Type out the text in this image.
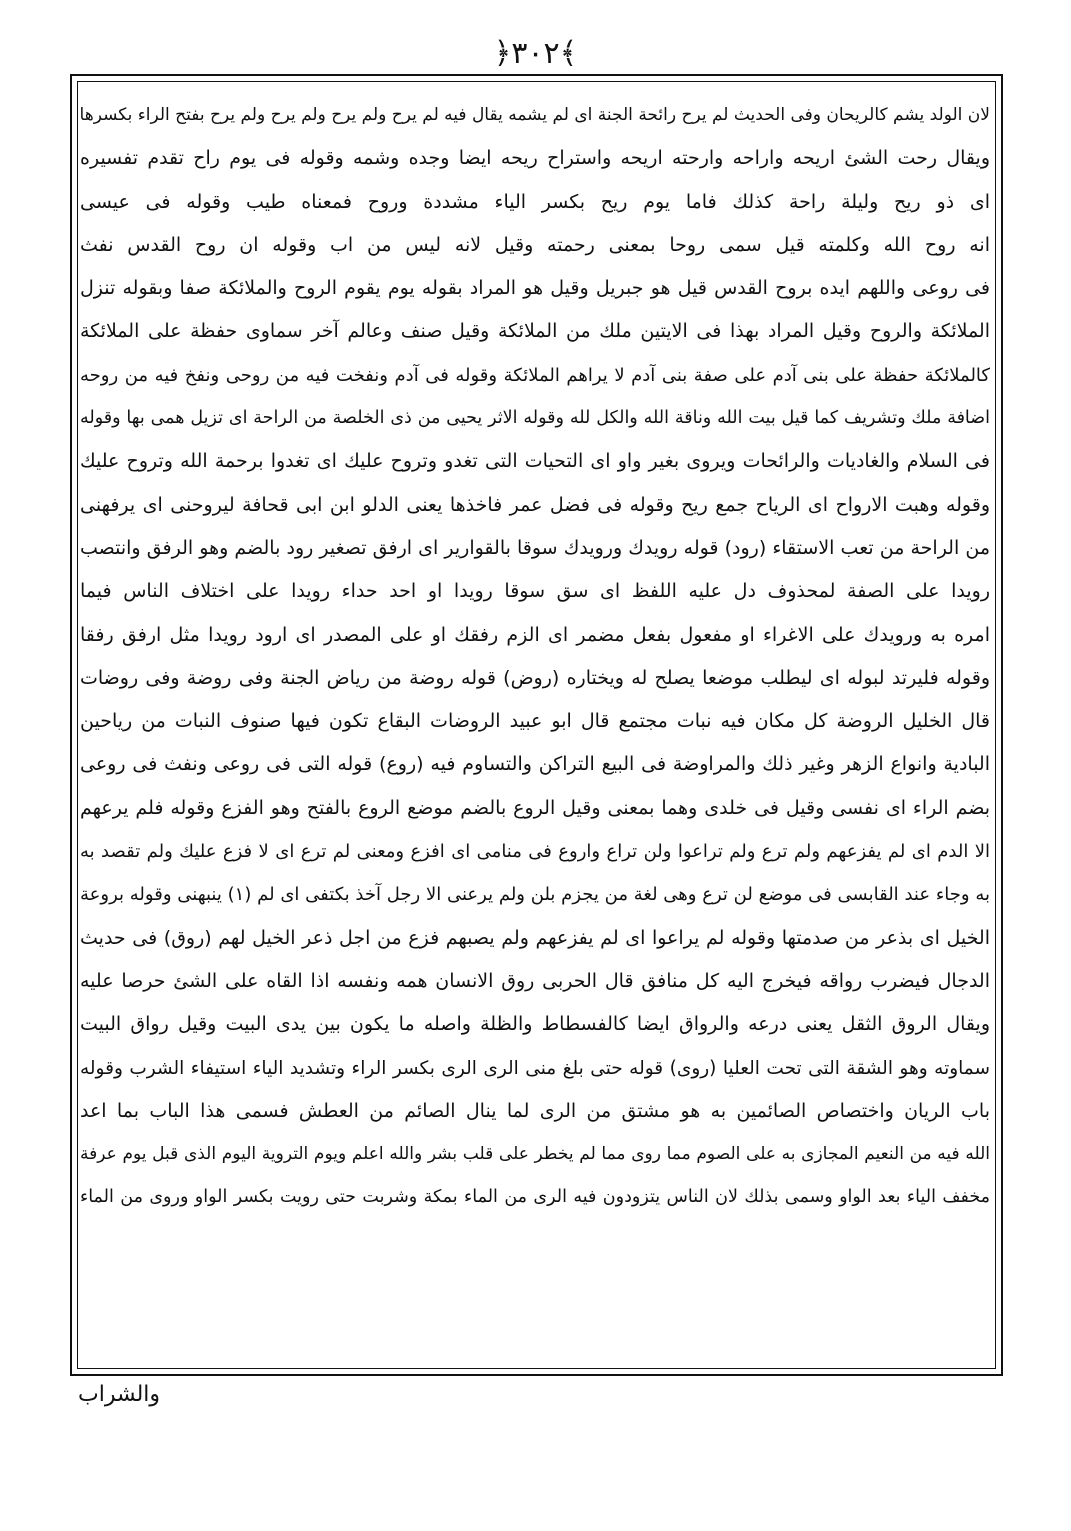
﴿٣٠٢﴾
لان الولد يشم كالريحان وفى الحديث لم يرح رائحة الجنة اى لم يشمه يقال فيه لم يرح ولم يرح ولم يرح ولم يرح بفتح الراء بكسرها
ويقال رحت الشئ اريحه واراحه وارحته اريحه واستراح ريحه ايضا وجده وشمه وقوله فى يوم راح تقدم تفسيره
اى ذو ريح وليلة راحة كذلك فاما يوم ريح بكسر الياء مشددة وروح فمعناه طيب وقوله فى عيسى
انه روح الله وكلمته قيل سمى روحا بمعنى رحمته وقيل لانه ليس من اب وقوله ان روح القدس نفث
فى روعى واللهم ايده بروح القدس قيل هو جبريل وقيل هو المراد بقوله يوم يقوم الروح والملائكة صفا وبقوله تنزل
الملائكة والروح وقيل المراد بهذا فى الايتين ملك من الملائكة وقيل صنف وعالم آخر سماوى حفظة على الملائكة
كالملائكة حفظة على بنى آدم على صفة بنى آدم لا يراهم الملائكة وقوله فى آدم ونفخت فيه من روحى ونفخ فيه من روحه
اضافة ملك وتشريف كما قيل بيت الله وناقة الله والكل لله وقوله الاثر يحيى من ذى الخلصة من الراحة اى تزيل همى بها وقوله
فى السلام والغاديات والرائحات ويروى بغير واو اى التحيات التى تغدو وتروح عليك اى تغدوا برحمة الله وتروح عليك
وقوله وهبت الارواح اى الرياح جمع ريح وقوله فى فضل عمر فاخذها يعنى الدلو ابن ابى قحافة ليروحنى اى يرفهنى
من الراحة من تعب الاستقاء (رود) قوله رويدك ورويدك سوقا بالقوارير اى ارفق تصغير رود بالضم وهو الرفق وانتصب
رويدا على الصفة لمحذوف دل عليه اللفظ اى سق سوقا رويدا او احد حداء رويدا على اختلاف الناس فيما
امره به ورويدك على الاغراء او مفعول بفعل مضمر اى الزم رفقك او على المصدر اى ارود رويدا مثل ارفق رفقا
وقوله فليرتد لبوله اى ليطلب موضعا يصلح له ويختاره (روض) قوله روضة من رياض الجنة وفى روضة وفى روضات
قال الخليل الروضة كل مكان فيه نبات مجتمع قال ابو عبيد الروضات البقاع تكون فيها صنوف النبات من رياحين
البادية وانواع الزهر وغير ذلك والمراوضة فى البيع التراكن والتساوم فيه (روع) قوله التى فى روعى ونفث فى روعى
بضم الراء اى نفسى وقيل فى خلدى وهما بمعنى وقيل الروع بالضم موضع الروع بالفتح وهو الفزع وقوله فلم يرعهم
الا الدم اى لم يفزعهم ولم ترع ولم تراعوا ولن تراع واروع فى منامى اى افزع ومعنى لم ترع اى لا فزع عليك ولم تقصد به
به وجاء عند القابسى فى موضع لن ترع وهى لغة من يجزم بلن ولم يرعنى الا رجل آخذ بكتفى اى لم (١) ينبهنى وقوله بروعة
الخيل اى بذعر من صدمتها وقوله لم يراعوا اى لم يفزعهم ولم يصبهم فزع من اجل ذعر الخيل لهم (روق) فى حديث
الدجال فيضرب رواقه فيخرج اليه كل منافق قال الحربى روق الانسان همه ونفسه اذا القاه على الشئ حرصا عليه
ويقال الروق الثقل يعنى درعه والرواق ايضا كالفسطاط والظلة واصله ما يكون بين يدى البيت وقيل رواق البيت
سماوته وهو الشقة التى تحت العليا (روى) قوله حتى بلغ منى الرى الرى بكسر الراء وتشديد الياء استيفاء الشرب وقوله
باب الريان واختصاص الصائمين به هو مشتق من الرى لما ينال الصائم من العطش فسمى هذا الباب بما اعد
الله فيه من النعيم المجازى به على الصوم مما روى مما لم يخطر على قلب بشر والله اعلم ويوم التروية اليوم الذى قبل يوم عرفة
مخفف الياء بعد الواو وسمى بذلك لان الناس يتزودون فيه الرى من الماء بمكة وشربت حتى رويت بكسر الواو وروى من الماء
والشراب
